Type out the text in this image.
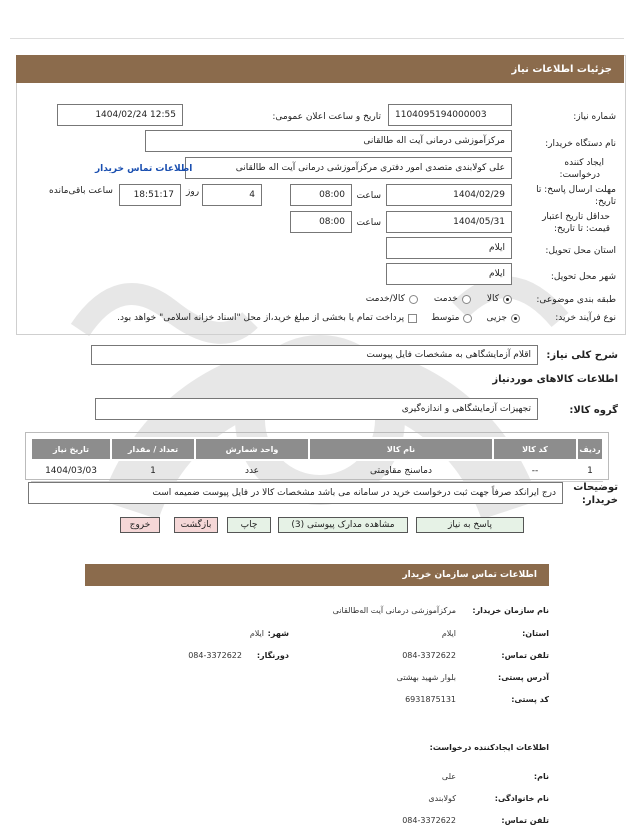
جزئیات اطلاعات نیاز
شماره نیاز:
1104095194000003
تاریخ و ساعت اعلان عمومی:
1404/02/24 12:55
نام دستگاه خریدار:
مرکزآموزشی درمانی آیت اله طالقانی
ایجاد کننده
درخواست:
علی کولابندی متصدی امور دفتری مرکزآموزشی درمانی آیت اله طالقانی
اطلاعات تماس خریدار
مهلت ارسال پاسخ: تا
تاریخ:
1404/02/29
ساعت
08:00
4
روز
18:51:17
ساعت باقی‌مانده
حداقل تاریخ اعتبار
قیمت: تا تاریخ:
1404/05/31
ساعت
08:00
استان محل تحویل:
ایلام
شهر محل تحویل:
ایلام
طبقه بندی موضوعی:
کالا
خدمت
کالا/خدمت
نوع فرآیند خرید:
جزیی
متوسط
پرداخت تمام یا بخشی از مبلغ خرید،از محل "اسناد خزانه اسلامی" خواهد بود.
شرح کلی نیاز:
اقلام آزمایشگاهی به مشخصات فایل پیوست
اطلاعات کالاهای موردنیاز
گروه کالا:
تجهیزات آزمایشگاهی و اندازه‌گیری
ردیف	کد کالا	نام کالا	واحد شمارش	تعداد / مقدار	تاریخ نیاز
1	--	دماسنج مقاومتی	عدد	1	1404/03/03
توضیحات
خریدار:
درج ایرانکد صرفاً جهت ثبت درخواست خرید در سامانه می باشد مشخصات کالا در فایل پیوست ضمیمه است
پاسخ به نیاز
مشاهده مدارک پیوستی (3)
چاپ
بازگشت
خروج
اطلاعات تماس سازمان خریدار
نام سازمان خریدار:
مرکزآموزشی درمانی آیت اله‌طالقانی
استان:
ایلام
شهر:
ایلام
تلفن تماس:
084-3372622
دورنگار:
084-3372622
آدرس پستی:
بلوار شهید بهشتی
کد پستی:
6931875131
اطلاعات ایجادکننده درخواست:
نام:
علی
نام خانوادگی:
کولابندی
تلفن تماس:
084-3372622
